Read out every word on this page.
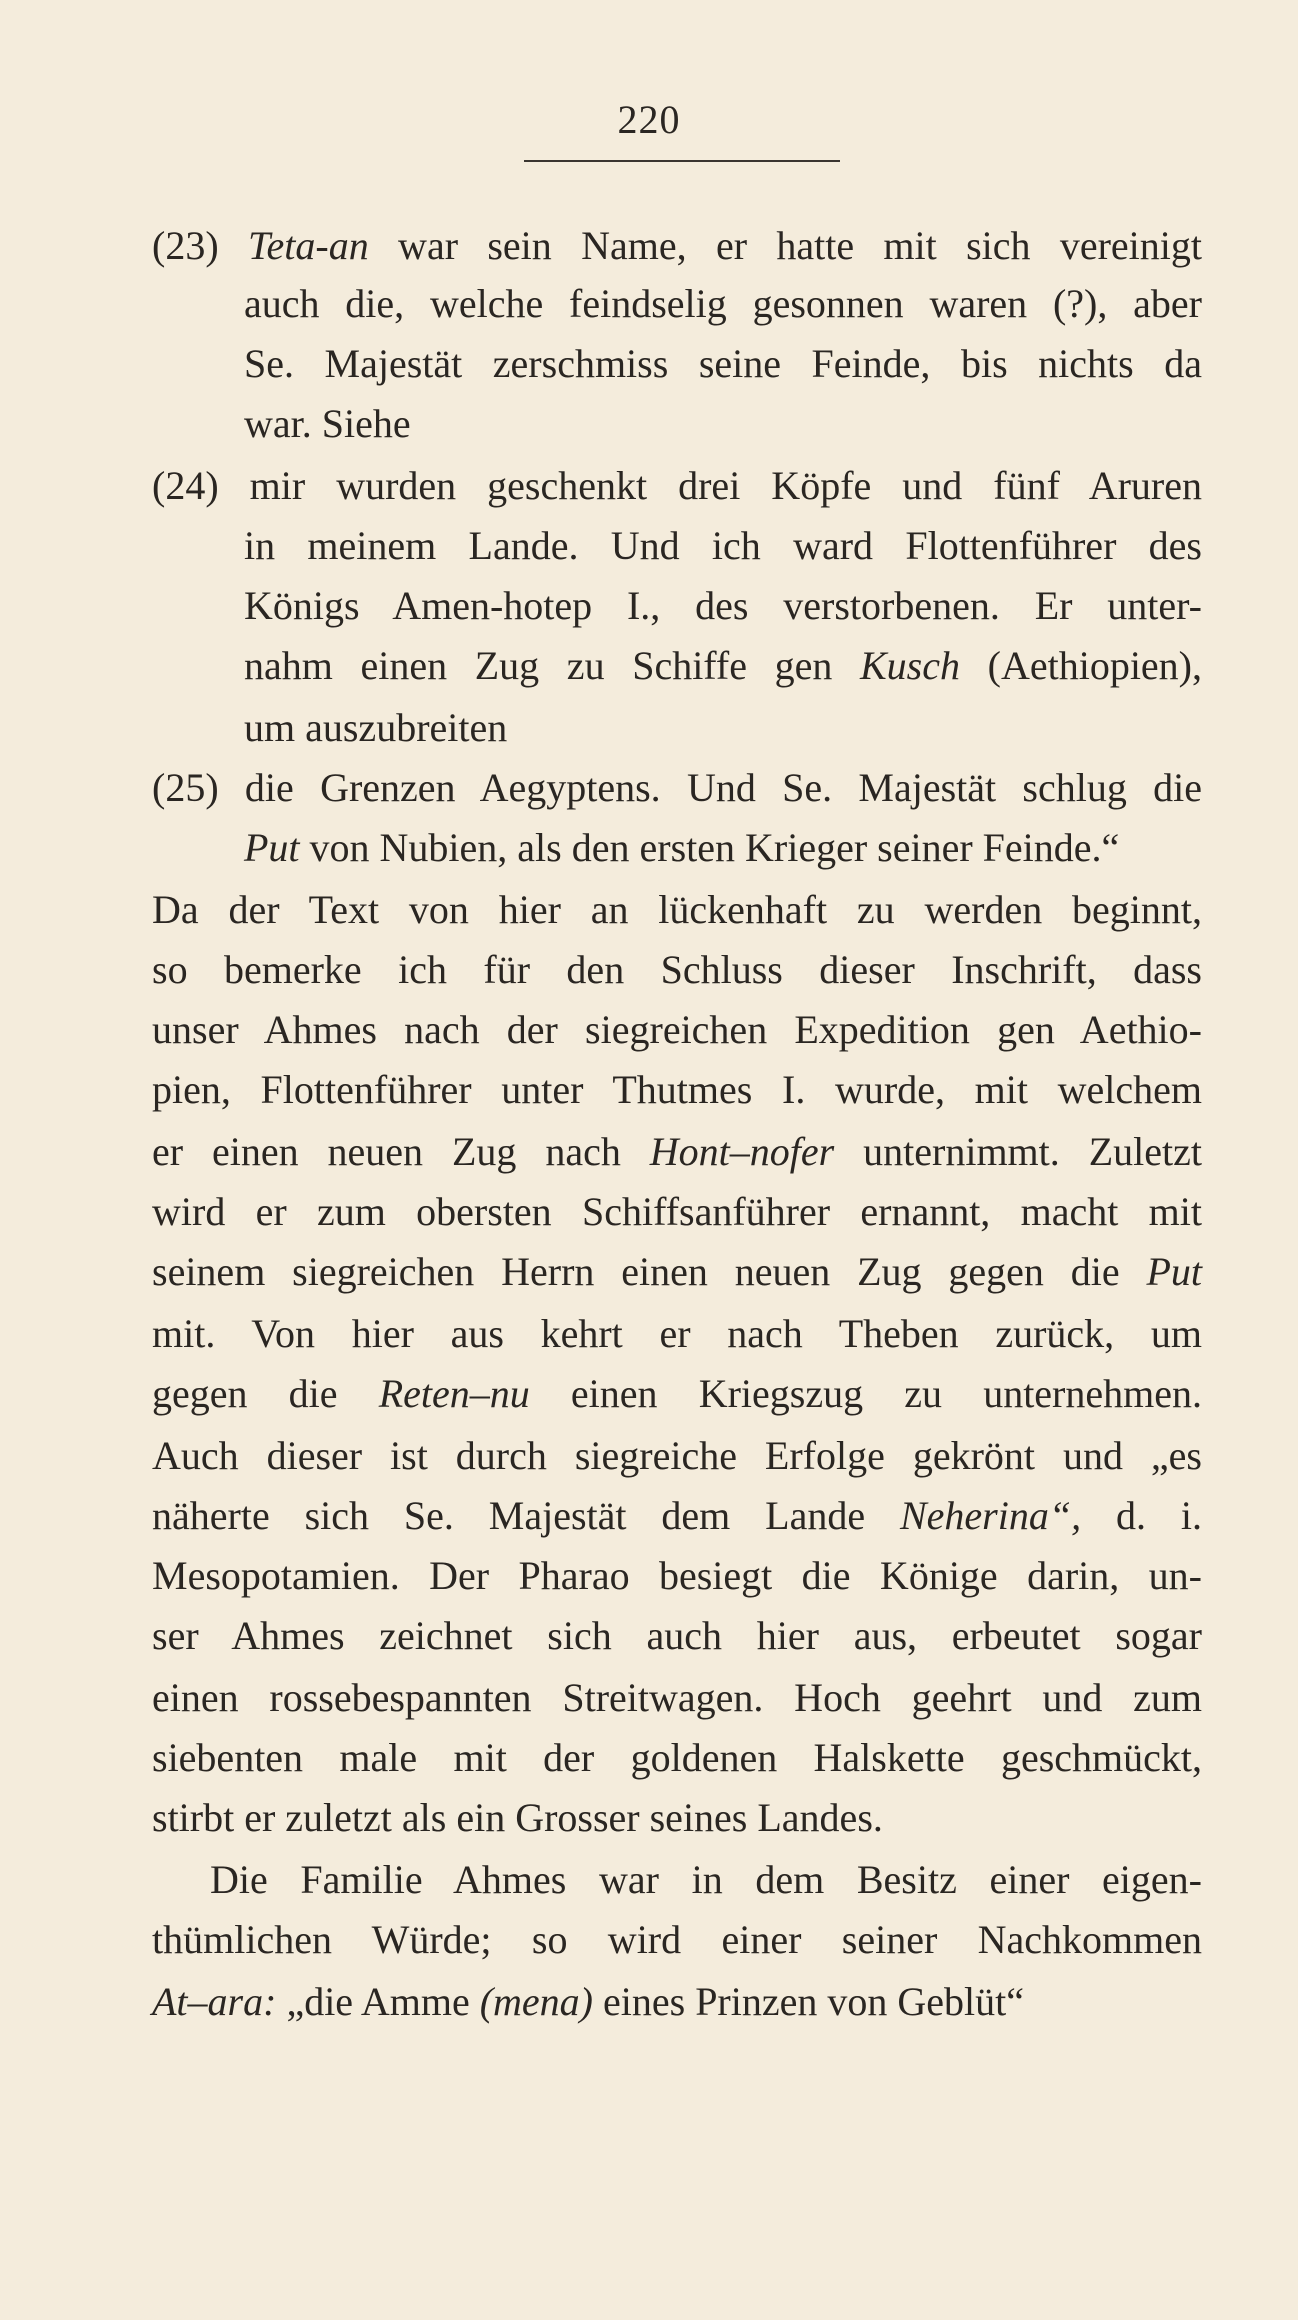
220
(23) Teta-an war sein Name, er hatte mit sich vereinigt
auch die, welche feindselig gesonnen waren (?), aber
Se. Majestät zerschmiss seine Feinde, bis nichts da
war. Siehe
(24) mir wurden geschenkt drei Köpfe und fünf Aruren
in meinem Lande. Und ich ward Flottenführer des
Königs Amen-hotep I., des verstorbenen. Er unter-
nahm einen Zug zu Schiffe gen Kusch (Aethiopien),
um auszubreiten
(25) die Grenzen Aegyptens. Und Se. Majestät schlug die
Put von Nubien, als den ersten Krieger seiner Feinde.“
Da der Text von hier an lückenhaft zu werden beginnt,
so bemerke ich für den Schluss dieser Inschrift, dass
unser Ahmes nach der siegreichen Expedition gen Aethio-
pien, Flottenführer unter Thutmes I. wurde, mit welchem
er einen neuen Zug nach Hont–nofer unternimmt. Zuletzt
wird er zum obersten Schiffsanführer ernannt, macht mit
seinem siegreichen Herrn einen neuen Zug gegen die Put
mit. Von hier aus kehrt er nach Theben zurück, um
gegen die Reten–nu einen Kriegszug zu unternehmen.
Auch dieser ist durch siegreiche Erfolge gekrönt und „es
näherte sich Se. Majestät dem Lande Neherina“, d. i.
Mesopotamien. Der Pharao besiegt die Könige darin, un-
ser Ahmes zeichnet sich auch hier aus, erbeutet sogar
einen rossebespannten Streitwagen. Hoch geehrt und zum
siebenten male mit der goldenen Halskette geschmückt,
stirbt er zuletzt als ein Grosser seines Landes.
Die Familie Ahmes war in dem Besitz einer eigen-
thümlichen Würde; so wird einer seiner Nachkommen
At–ara: „die Amme (mena) eines Prinzen von Geblüt“
